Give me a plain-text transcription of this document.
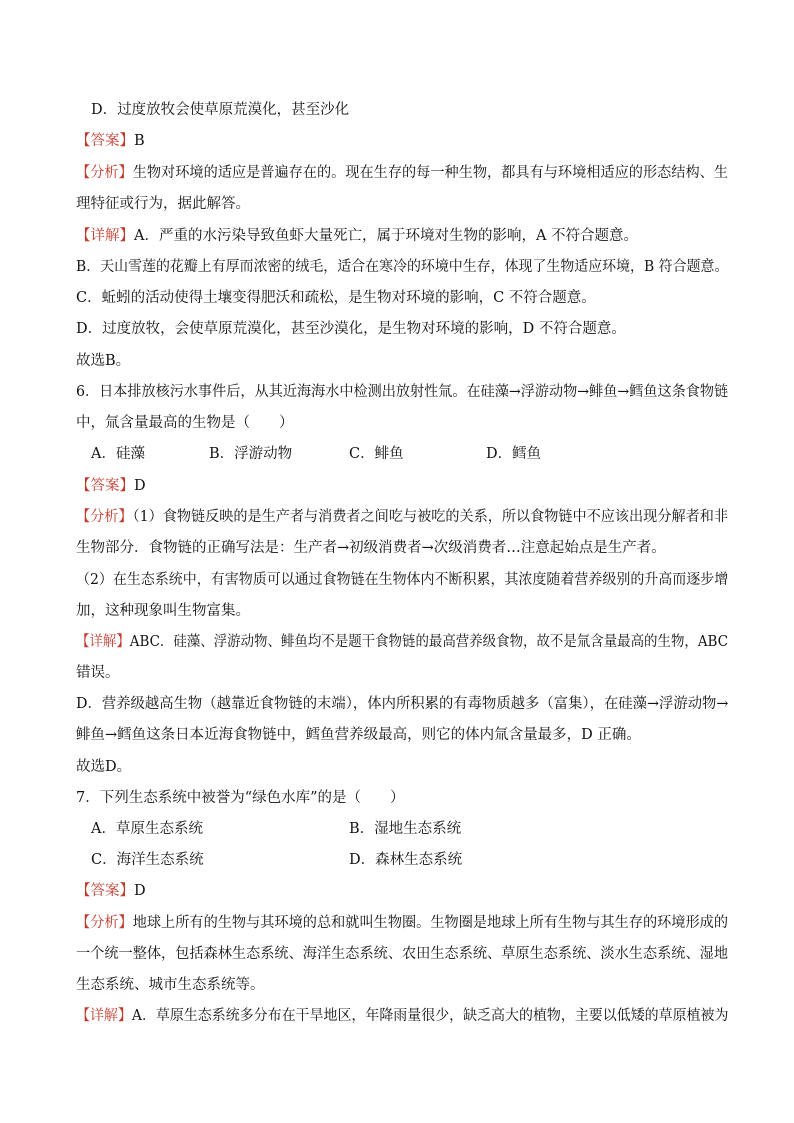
D．过度放牧会使草原荒漠化，甚至沙化
【答案】B
【分析】生物对环境的适应是普遍存在的。现在生存的每一种生物，都具有与环境相适应的形态结构、生
理特征或行为，据此解答。
【详解】A．严重的水污染导致鱼虾大量死亡，属于环境对生物的影响，A 不符合题意。
B．天山雪莲的花瓣上有厚而浓密的绒毛，适合在寒冷的环境中生存，体现了生物适应环境，B 符合题意。
C．蚯蚓的活动使得土壤变得肥沃和疏松，是生物对环境的影响，C 不符合题意。
D．过度放牧，会使草原荒漠化，甚至沙漠化，是生物对环境的影响，D 不符合题意。
故选B。
6．日本排放核污水事件后，从其近海海水中检测出放射性氚。在硅藻→浮游动物→鲱鱼→鳕鱼这条食物链
中，氚含量最高的生物是（　　）
A．硅藻	B．浮游动物	C．鲱鱼	D．鳕鱼
【答案】D
【分析】（1）食物链反映的是生产者与消费者之间吃与被吃的关系，所以食物链中不应该出现分解者和非
生物部分．食物链的正确写法是：生产者→初级消费者→次级消费者…注意起始点是生产者。
（2）在生态系统中，有害物质可以通过食物链在生物体内不断积累，其浓度随着营养级别的升高而逐步增
加，这种现象叫生物富集。
【详解】ABC．硅藻、浮游动物、鲱鱼均不是题干食物链的最高营养级食物，故不是氚含量最高的生物，ABC
错误。
D．营养级越高生物（越靠近食物链的末端），体内所积累的有毒物质越多（富集），在硅藻→浮游动物→
鲱鱼→鳕鱼这条日本近海食物链中，鳕鱼营养级最高，则它的体内氚含量最多，D 正确。
故选D。
7．下列生态系统中被誉为“绿色水库”的是（　　）
A．草原生态系统	B．湿地生态系统
C．海洋生态系统	D．森林生态系统
【答案】D
【分析】地球上所有的生物与其环境的总和就叫生物圈。生物圈是地球上所有生物与其生存的环境形成的
一个统一整体，包括森林生态系统、海洋生态系统、农田生态系统、草原生态系统、淡水生态系统、湿地
生态系统、城市生态系统等。
【详解】A．草原生态系统多分布在干旱地区，年降雨量很少，缺乏高大的植物，主要以低矮的草原植被为
